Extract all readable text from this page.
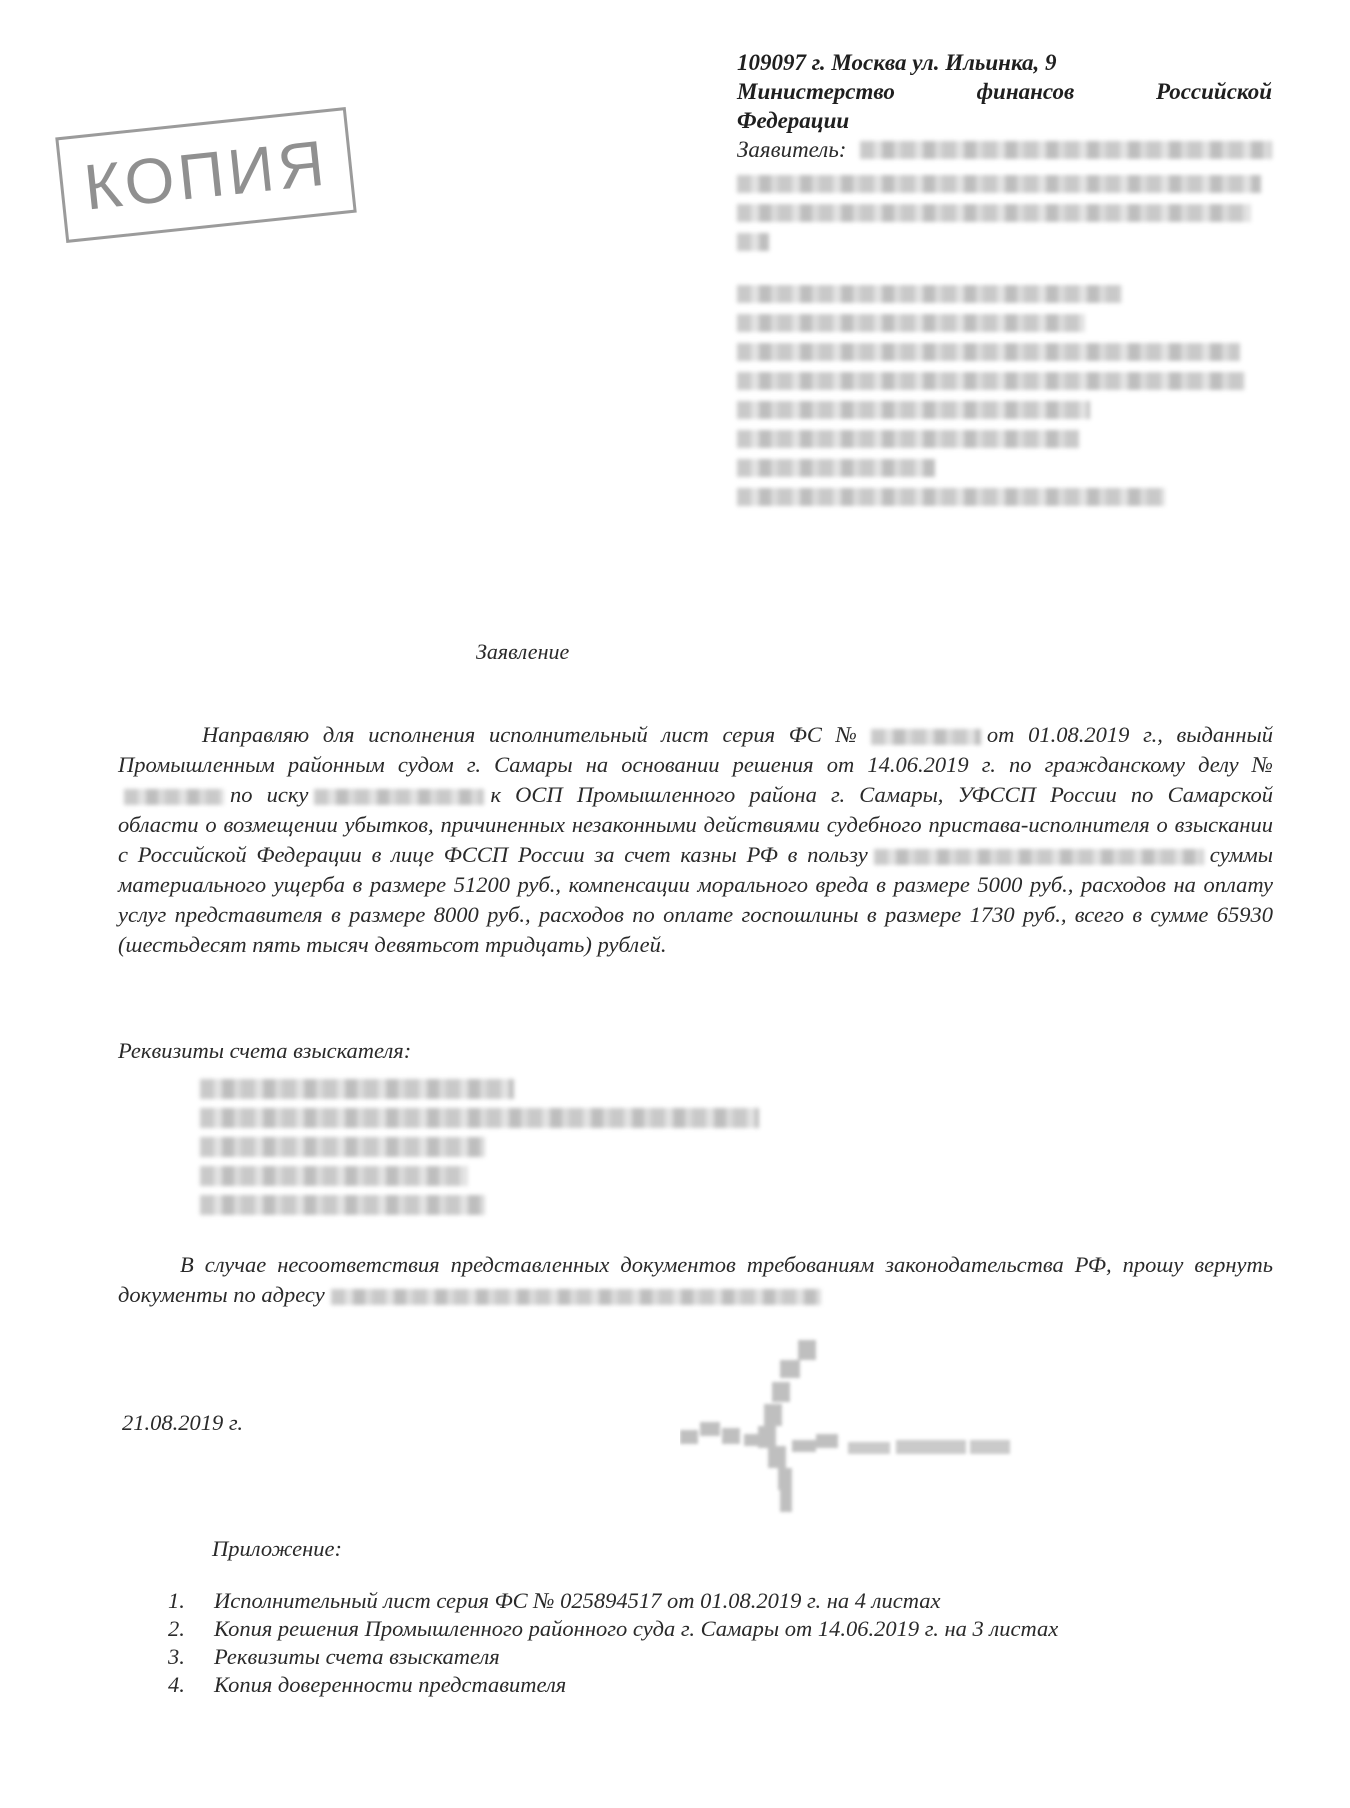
КОПИЯ
109097 г. Москва ул. Ильинка, 9
Министерство	финансов	Российской
Федерации
Заявитель:
Заявление
Направляю для исполнения исполнительный лист серия ФС №	от 01.08.2019 г., выданный Промышленным районным судом г. Самары на основании решения от 14.06.2019 г. по гражданскому делу №по иску	к ОСП Промышленного района г. Самары, УФССП России по Самарской области о возмещении убытков, причиненных незаконными действиями судебного пристава-исполнителя о взыскании с Российской Федерации в лице ФССП России за счет казны РФ в пользу	суммы материального ущерба в размере 51200 руб., компенсации морального вреда в размере 5000 руб., расходов на оплату услуг представителя в размере 8000 руб., расходов по оплате госпошлины в размере 1730 руб., всего в сумме 65930 (шестьдесят пять тысяч девятьсот тридцать) рублей.
Реквизиты счета взыскателя:
В случае несоответствия представленных документов требованиям законодательства РФ, прошу вернуть документы по адресу
21.08.2019 г.
Приложение:
1.	Исполнительный лист серия ФС № 025894517 от 01.08.2019 г. на 4 листах
2.	Копия решения Промышленного районного суда г. Самары от 14.06.2019 г. на 3 листах
3.	Реквизиты счета взыскателя
4.	Копия доверенности представителя
